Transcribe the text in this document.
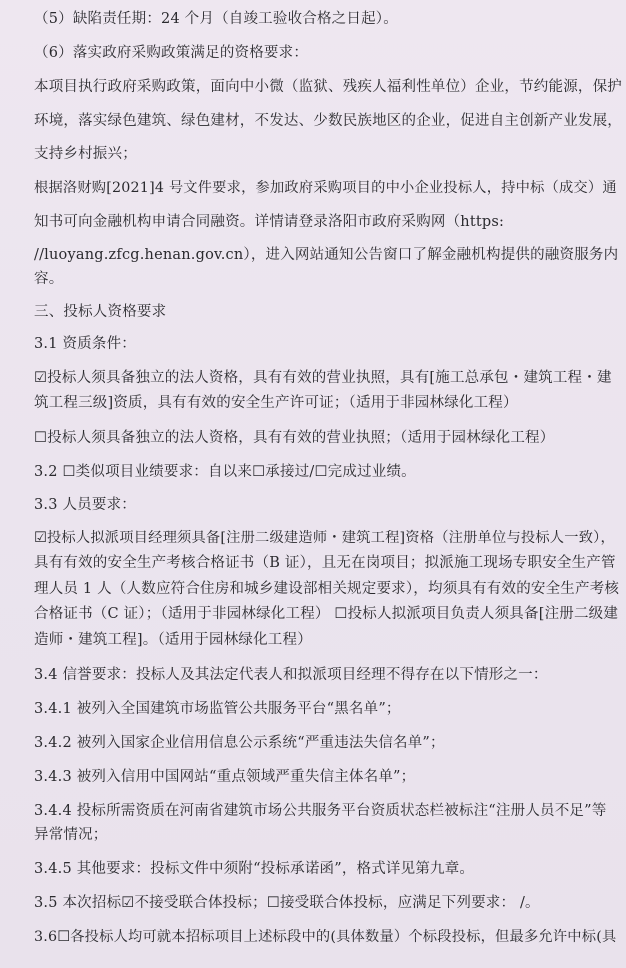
（5）缺陷责任期：24 个月（自竣工验收合格之日起）。
（6）落实政府采购政策满足的资格要求：
本项目执行政府采购政策，面向中小微（监狱、残疾人福利性单位）企业，节约能源，保护
环境，落实绿色建筑、绿色建材，不发达、少数民族地区的企业，促进自主创新产业发展，
支持乡村振兴；
根据洛财购[2021]4 号文件要求，参加政府采购项目的中小企业投标人，持中标（成交）通
知书可向金融机构申请合同融资。详情请登录洛阳市政府采购网（https:
//luoyang.zfcg.henan.gov.cn），进入网站通知公告窗口了解金融机构提供的融资服务内
容。
三、投标人资格要求
3.1 资质条件：
☑投标人须具备独立的法人资格，具有有效的营业执照，具有[施工总承包・建筑工程・建
筑工程三级]资质，具有有效的安全生产许可证；（适用于非园林绿化工程）
☐投标人须具备独立的法人资格，具有有效的营业执照；（适用于园林绿化工程）
3.2 ☐类似项目业绩要求：自以来☐承接过/☐完成过业绩。
3.3 人员要求：
☑投标人拟派项目经理须具备[注册二级建造师・建筑工程]资格（注册单位与投标人一致），
具有有效的安全生产考核合格证书（B 证），且无在岗项目；拟派施工现场专职安全生产管
理人员 1 人（人数应符合住房和城乡建设部相关规定要求），均须具有有效的安全生产考核
合格证书（C 证）；（适用于非园林绿化工程） ☐投标人拟派项目负责人须具备[注册二级建
造师・建筑工程]。（适用于园林绿化工程）
3.4 信誉要求：投标人及其法定代表人和拟派项目经理不得存在以下情形之一：
3.4.1 被列入全国建筑市场监管公共服务平台“黑名单”；
3.4.2 被列入国家企业信用信息公示系统“严重违法失信名单”；
3.4.3 被列入信用中国网站“重点领域严重失信主体名单”；
3.4.4 投标所需资质在河南省建筑市场公共服务平台资质状态栏被标注“注册人员不足”等
异常情况；
3.4.5 其他要求：投标文件中须附“投标承诺函”，格式详见第九章。
3.5 本次招标☑不接受联合体投标；☐接受联合体投标，应满足下列要求： /。
3.6☐各投标人均可就本招标项目上述标段中的(具体数量）个标段投标，但最多允许中标(具
